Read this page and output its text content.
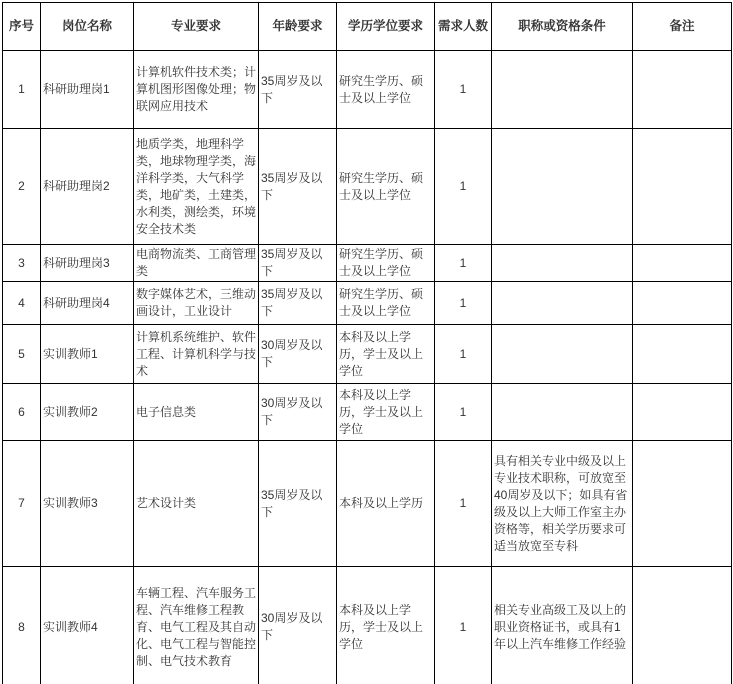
序号	岗位名称	专业要求	年龄要求	学历学位要求	需求人数	职称或资格条件	备注
1	科研助理岗1	计算机软件技术类；计算机图形图像处理；物联网应用技术	35周岁及以下	研究生学历、硕士及以上学位	1		
2	科研助理岗2	地质学类，地理科学类，地球物理学类，海洋科学类，大气科学类，地矿类，土建类，水利类，测绘类，环境安全技术类	35周岁及以下	研究生学历、硕士及以上学位	1		
3	科研助理岗3	电商物流类、工商管理类	35周岁及以下	研究生学历、硕士及以上学位	1		
4	科研助理岗4	数字媒体艺术，三维动画设计，工业设计	35周岁及以下	研究生学历、硕士及以上学位	1		
5	实训教师1	计算机系统维护、软件工程、计算机科学与技术	30周岁及以下	本科及以上学历，学士及以上学位	1		
6	实训教师2	电子信息类	30周岁及以下	本科及以上学历，学士及以上学位	1		
7	实训教师3	艺术设计类	35周岁及以下	本科及以上学历	1	具有相关专业中级及以上专业技术职称，可放宽至40周岁及以下；如具有省级及以上大师工作室主办资格等，相关学历要求可适当放宽至专科	
8	实训教师4	车辆工程、汽车服务工程、汽车维修工程教育、电气工程及其自动化、电气工程与智能控制、电气技术教育	30周岁及以下	本科及以上学历，学士及以上学位	1	相关专业高级工及以上的职业资格证书，或具有1年以上汽车维修工作经验	
